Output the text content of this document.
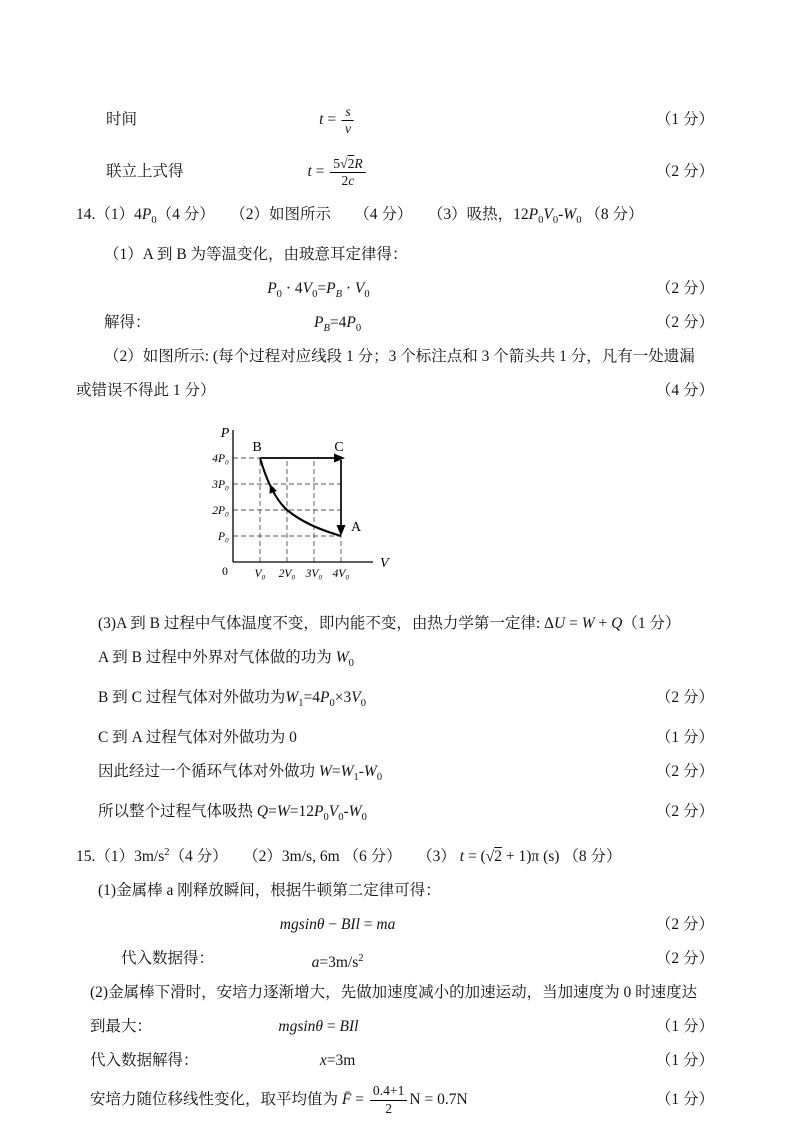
时间	$t = \frac{s}{v}$	（1 分）
联立上式得	$t = \frac{5√2R}{2c}$	（2 分）
$14.(1)4P_0(4$ 分）　　（2）如图所示　　（4 分）　　（3）吸热，$12P_0V_0-W_0$ （8 分）
（1）A 到 B 为等温变化，由玻意耳定律得：
$P_0 \cdot 4V_0=P_B \cdot V_0$	（2 分）
解得：	$P_B=4P_0$	（2 分）
（2）如图所示: (每个过程对应线段 1 分；3 个标注点和 3 个箭头共 1 分，凡有一处遗漏
或错误不得此 1 分）	（4 分）
P
V
0
4P₀
3P₀
2P₀
P₀
V₀ 2V₀ 3V₀ 4V₀
B	C
A
(3)A 到 B 过程中气体温度不变，即内能不变，由热力学第一定律: ΔU = W + Q（1 分）
A 到 B 过程中外界对气体做的功为 $W_0$
B 到 C 过程气体对外做功为$W_1=4P_0\times 3V_0$	（2 分）
C 到 A 过程气体对外做功为 0	（1 分）
因此经过一个循环气体对外做功 $W=W_1-W_0$	（2 分）
所以整个过程气体吸热 $Q=W=12P_0V_0-W_0$	（2 分）
$15.(1)3m/s^2(4$ 分）　　（2）3m/s, 6m （6 分）　　（3） t = (√2 + 1)π (s) （8 分）
(1)金属棒 a 刚释放瞬间，根据牛顿第二定律可得：
mgsinθ − BIl = ma	（2 分）
代入数据得：	$a=3m/s^2$	（2 分）
(2)金属棒下滑时，安培力逐渐增大，先做加速度减小的加速运动，当加速度为 0 时速度达
到最大：	mgsinθ = BIl	（1 分）
代入数据解得：	x=3m	（1 分）
安培力随位移线性变化，取平均值为 F̄ = $\frac{0.4+1}{2}$ N = 0.7N	（1 分）
